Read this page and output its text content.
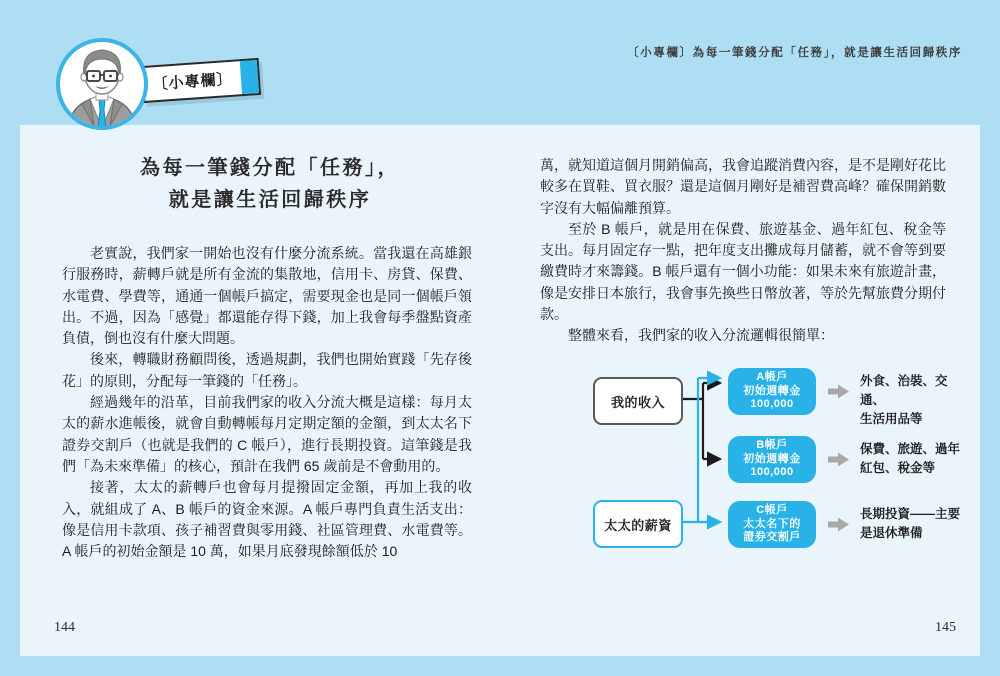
〔小專欄〕為每一筆錢分配「任務」，就是讓生活回歸秩序
〔小專欄〕
為每一筆錢分配「任務」，
就是讓生活回歸秩序

老實說，我們家一開始也沒有什麼分流系統。當我還在高雄銀行服務時，薪轉戶就是所有金流的集散地，信用卡、房貸、保費、水電費、學費等，通通一個帳戶搞定，需要現金也是同一個帳戶領出。不過，因為「感覺」都還能存得下錢，加上我會每季盤點資產負債，倒也沒有什麼大問題。

後來，轉職財務顧問後，透過規劃，我們也開始實踐「先存後花」的原則，分配每一筆錢的「任務」。

經過幾年的沿革，目前我們家的收入分流大概是這樣：每月太太的薪水進帳後，就會自動轉帳每月定期定額的金額，到太太名下證券交割戶（也就是我們的 C 帳戶），進行長期投資。這筆錢是我們「為未來準備」的核心，預計在我們 65 歲前是不會動用的。

接著，太太的薪轉戶也會每月提撥固定金額，再加上我的收入，就組成了 A、B 帳戶的資金來源。A 帳戶專門負責生活支出：像是信用卡款項、孩子補習費與零用錢、社區管理費、水電費等。A 帳戶的初始金額是 10 萬，如果月底發現餘額低於 10

萬，就知道這個月開銷偏高，我會追蹤消費內容，是不是剛好花比較多在買鞋、買衣服？還是這個月剛好是補習費高峰？確保開銷數字沒有大幅偏離預算。

至於 B 帳戶，就是用在保費、旅遊基金、過年紅包、稅金等支出。每月固定存一點，把年度支出攤成每月儲蓄，就不會等到要繳費時才來籌錢。B 帳戶還有一個小功能：如果未來有旅遊計畫，像是安排日本旅行，我會事先換些日幣放著，等於先幫旅費分期付款。

整體來看，我們家的收入分流邏輯很簡單：

我的收入
太太的薪資
A帳戶
初始週轉金
100,000
B帳戶
初始週轉金
100,000
C帳戶
太太名下的
證券交割戶
外食、治裝、交通、
生活用品等
保費、旅遊、過年
紅包、稅金等
長期投資——主要
是退休準備
144	145
